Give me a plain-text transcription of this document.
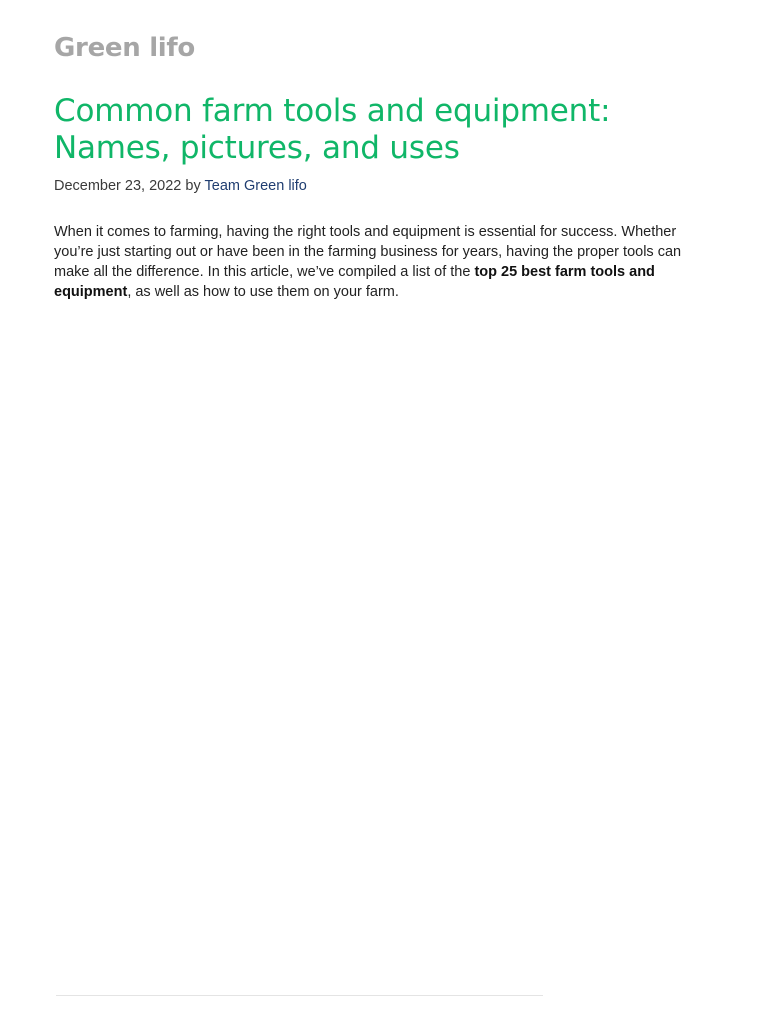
Green lifo
Common farm tools and equipment:
Names, pictures, and uses

December 23, 2022 by Team Green lifo

When it comes to farming, having the right tools and equipment is essential for success. Whether you’re just starting out or have been in the farming business for years, having the proper tools can make all the difference. In this article, we’ve compiled a list of the top 25 best farm tools and equipment, as well as how to use them on your farm.
